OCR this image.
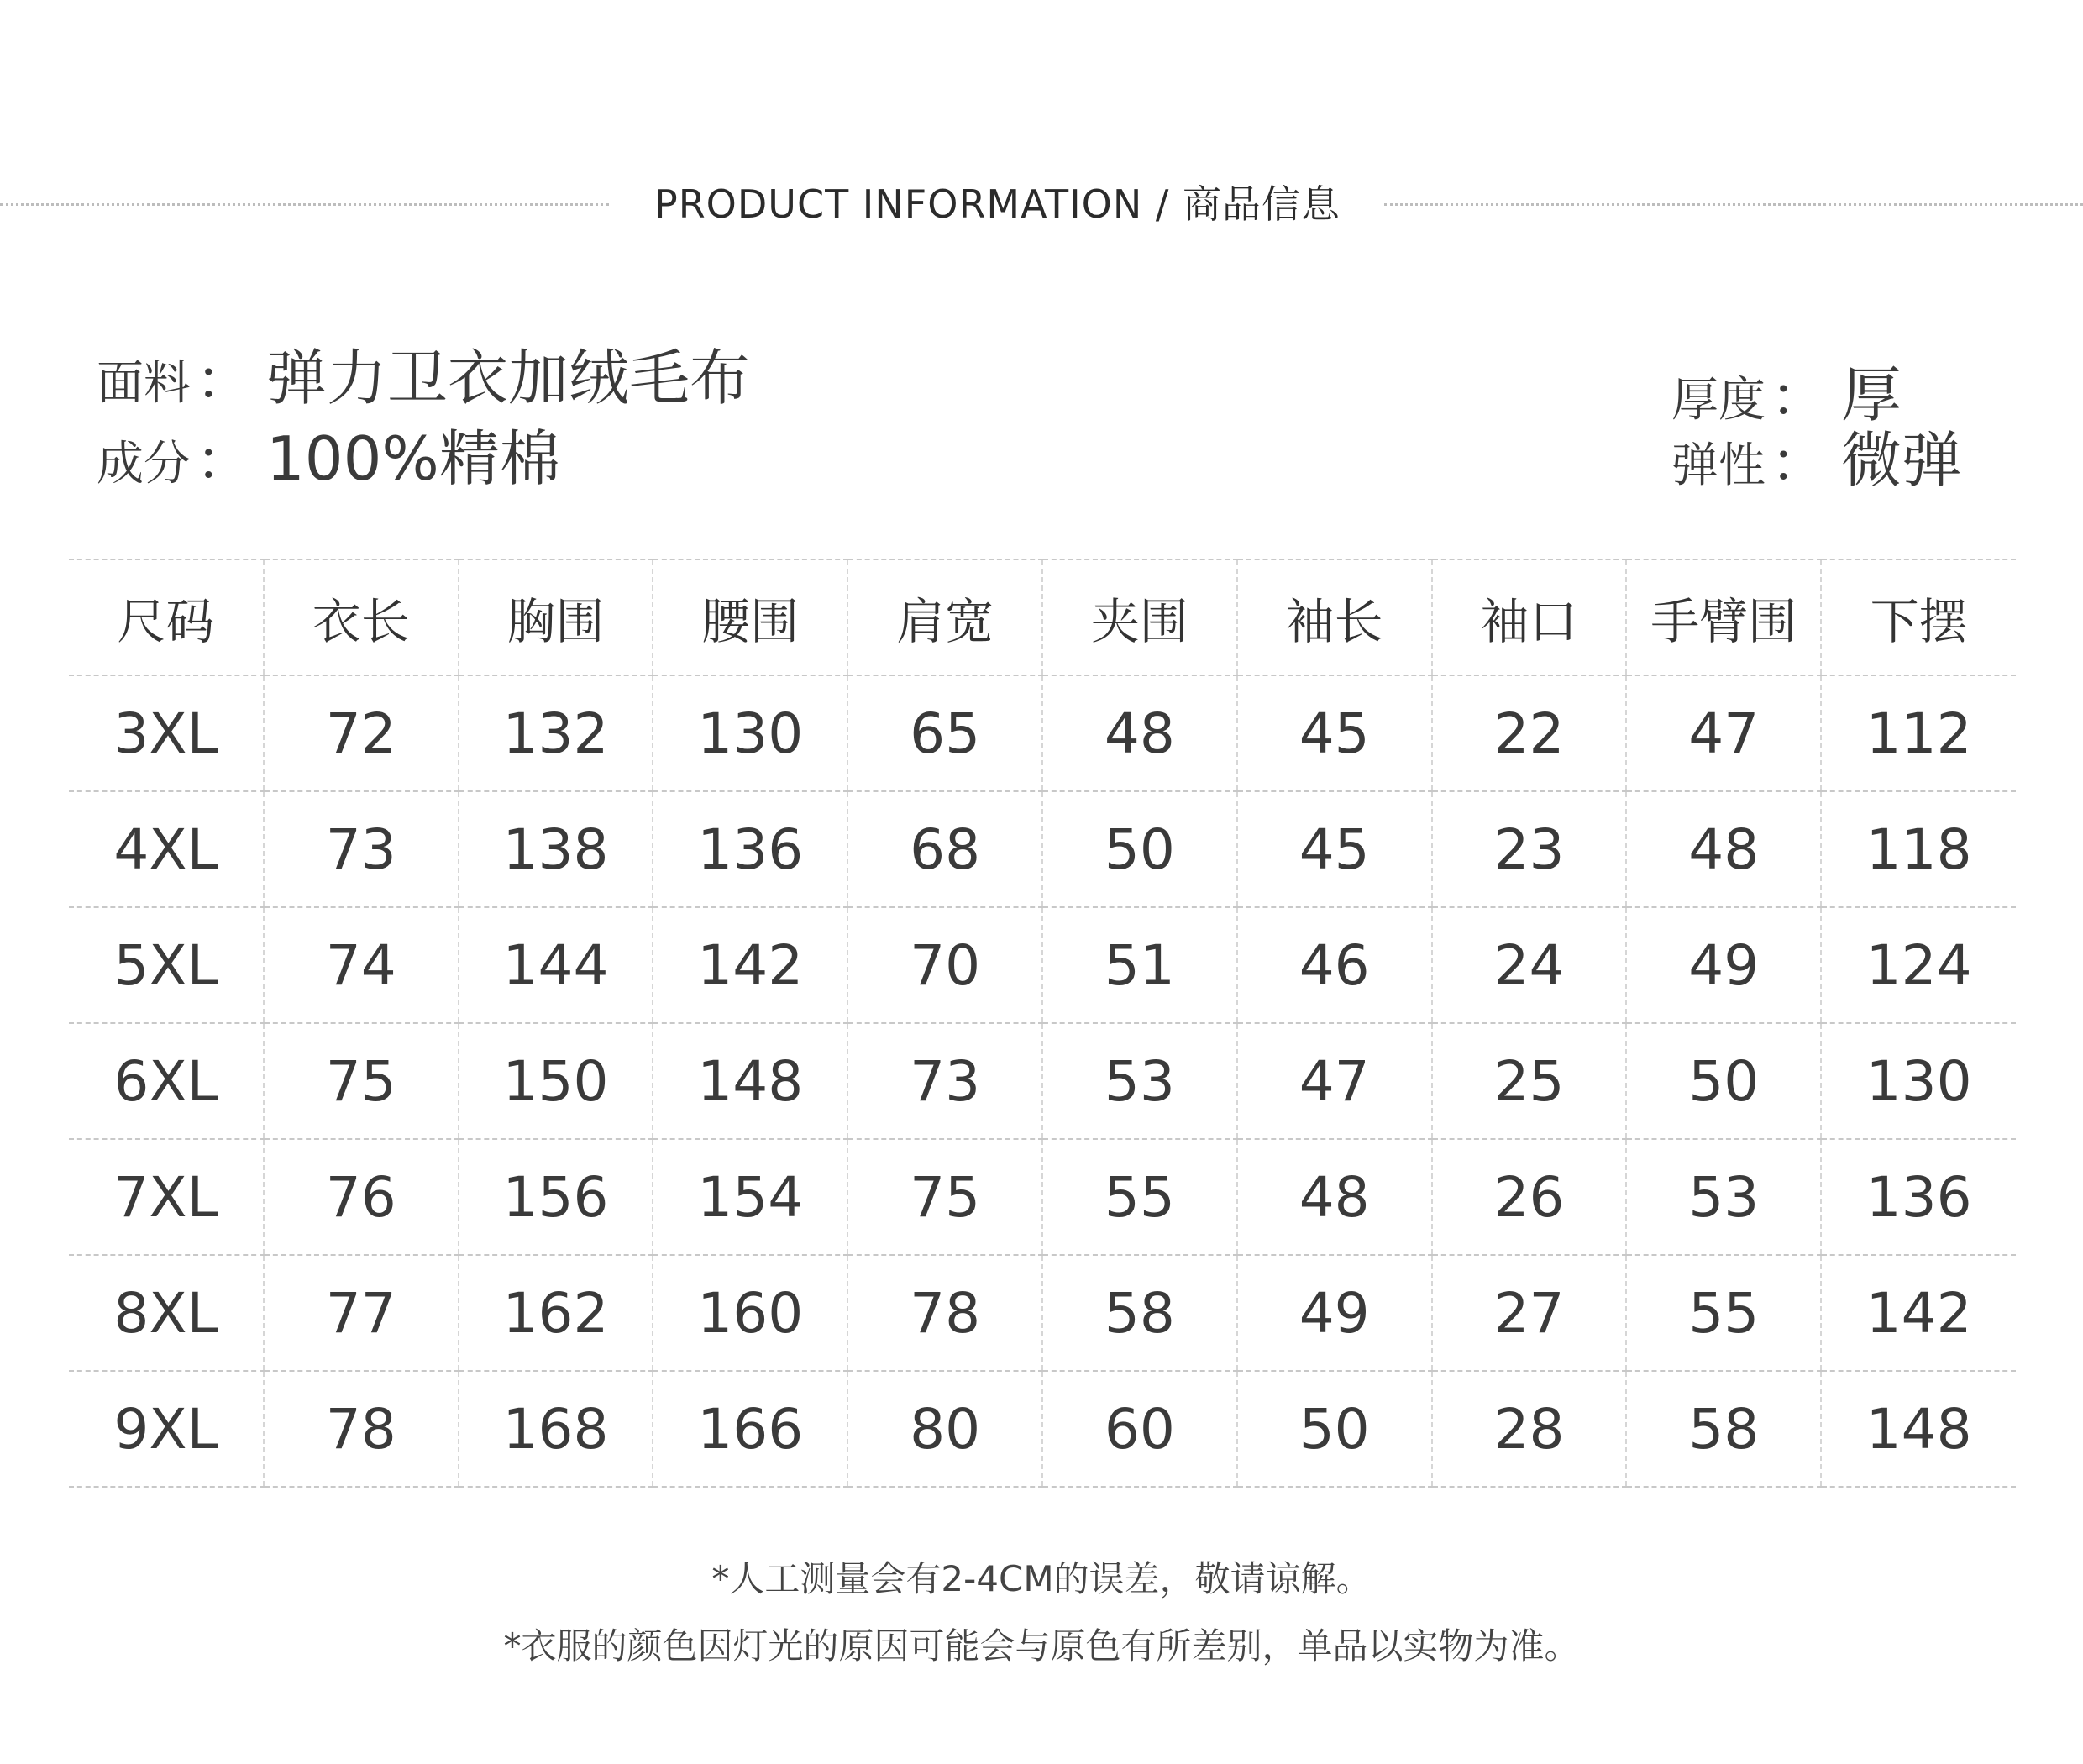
PRODUCT INFORMATION / 商品信息
面料 ： 弹力卫衣加绒毛布
成分 ： 100%精棉
厚度 ： 厚
弹性 ： 微弹
尺码	衣长	胸围	腰围	肩宽	夹围	袖长	袖口	手臂围	下摆
3XL	72	132	130	65	48	45	22	47	112
4XL	73	138	136	68	50	45	23	48	118
5XL	74	144	142	70	51	46	24	49	124
6XL	75	150	148	73	53	47	25	50	130
7XL	76	156	154	75	55	48	26	53	136
8XL	77	162	160	78	58	49	27	55	142
9XL	78	168	166	80	60	50	28	58	148
*人工测量会有2-4CM的误差，敬请谅解。
*衣服的颜色因灯光的原因可能会与原色有所差别，单品以实物为准。
